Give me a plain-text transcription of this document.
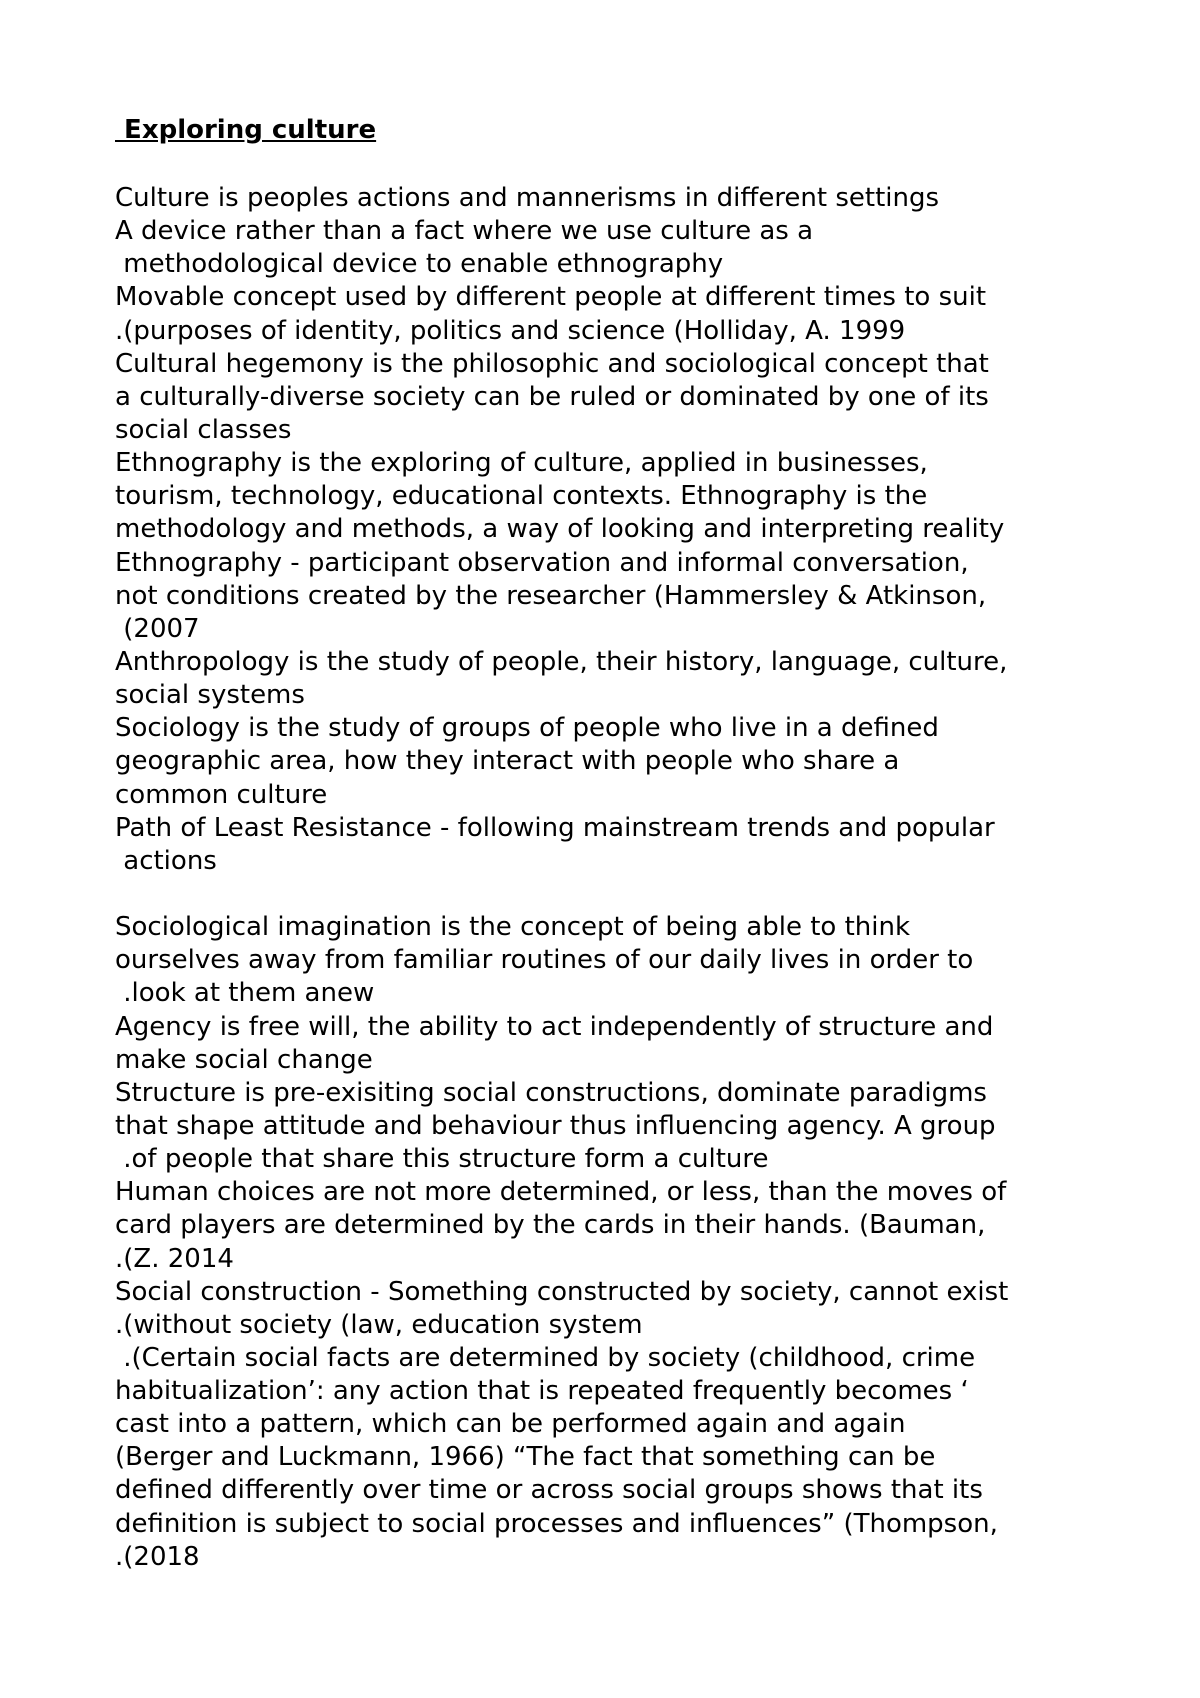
Exploring culture
Culture is peoples actions and mannerisms in different settings
A device rather than a fact where we use culture as a
methodological device to enable ethnography
Movable concept used by different people at different times to suit
.(purposes of identity, politics and science (Holliday, A. 1999
Cultural hegemony is the philosophic and sociological concept that
a culturally-diverse society can be ruled or dominated by one of its
social classes
Ethnography is the exploring of culture, applied in businesses,
tourism, technology, educational contexts. Ethnography is the
methodology and methods, a way of looking and interpreting reality
Ethnography - participant observation and informal conversation,
not conditions created by the researcher (Hammersley & Atkinson,
(2007
Anthropology is the study of people, their history, language, culture,
social systems
Sociology is the study of groups of people who live in a defined
geographic area, how they interact with people who share a
common culture
Path of Least Resistance - following mainstream trends and popular
actions
Sociological imagination is the concept of being able to think
ourselves away from familiar routines of our daily lives in order to
.look at them anew
Agency is free will, the ability to act independently of structure and
make social change
Structure is pre-exisiting social constructions, dominate paradigms
that shape attitude and behaviour thus influencing agency. A group
.of people that share this structure form a culture
Human choices are not more determined, or less, than the moves of
card players are determined by the cards in their hands. (Bauman,
.(Z. 2014
Social construction - Something constructed by society, cannot exist
.(without society (law, education system
.(Certain social facts are determined by society (childhood, crime
habitualization’: any action that is repeated frequently becomes ‘
cast into a pattern, which can be performed again and again
(Berger and Luckmann, 1966) “The fact that something can be
defined differently over time or across social groups shows that its
definition is subject to social processes and influences” (Thompson,
.(2018
